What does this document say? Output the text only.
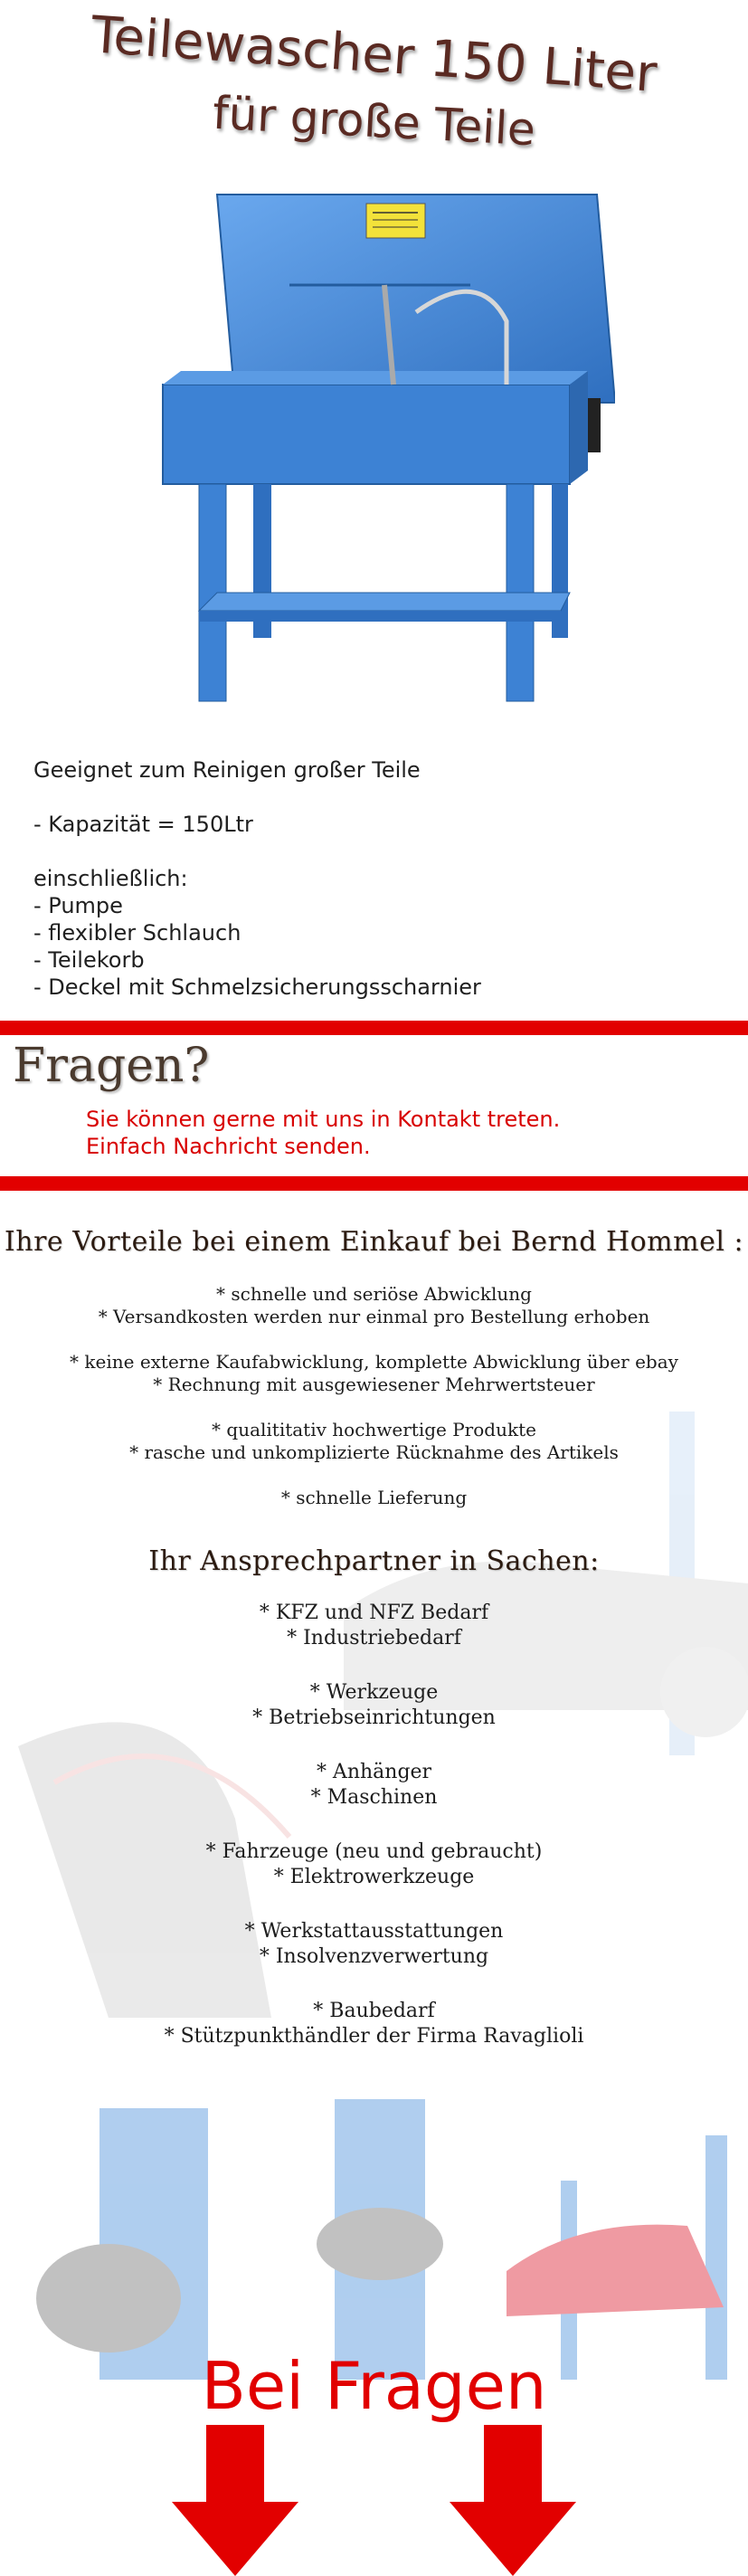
Teilewascher 150 Liter
für große Teile
Geeignet zum Reinigen großer Teile
- Kapazität = 150Ltr
einschließlich:
- Pumpe
- flexibler Schlauch
- Teilekorb
- Deckel mit Schmelzsicherungsscharnier
Fragen?
Sie können gerne mit uns in Kontakt treten.
Einfach Nachricht senden.
Ihre Vorteile bei einem Einkauf bei Bernd Hommel :
* schnelle und seriöse Abwicklung
* Versandkosten werden nur einmal pro Bestellung erhoben
* keine externe Kaufabwicklung, komplette Abwicklung über ebay
* Rechnung mit ausgewiesener Mehrwertsteuer
* qualititativ hochwertige Produkte
* rasche und unkomplizierte Rücknahme des Artikels
* schnelle Lieferung
Ihr Ansprechpartner in Sachen:
* KFZ und NFZ Bedarf
* Industriebedarf
* Werkzeuge
* Betriebseinrichtungen
* Anhänger
* Maschinen
* Fahrzeuge (neu und gebraucht)
* Elektrowerkzeuge
* Werkstattausstattungen
* Insolvenzverwertung
* Baubedarf
* Stützpunkthändler der Firma Ravaglioli
Bei Fragen
